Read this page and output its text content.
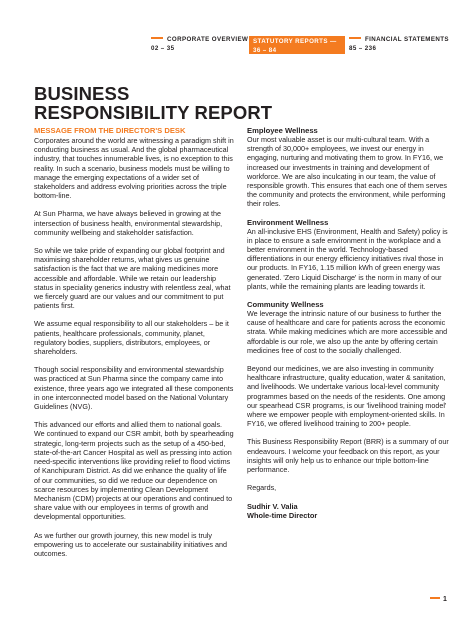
CORPORATE OVERVIEW
02 – 35
STATUTORY REPORTS —
36 – 84
FINANCIAL STATEMENTS
85 – 236
BUSINESS
RESPONSIBILITY REPORT

MESSAGE FROM THE DIRECTOR'S DESK

Corporates around the world are witnessing a paradigm shift in conducting business as usual. And the global pharmaceutical industry, that touches innumerable lives, is no exception to this reality. In such a scenario, business models must be willing to manage the emerging expectations of a wider set of stakeholders and address evolving priorities across the triple bottom-line.

At Sun Pharma, we have always believed in growing at the intersection of business health, environmental stewardship, community wellbeing and stakeholder satisfaction.

So while we take pride of expanding our global footprint and maximising shareholder returns, what gives us genuine satisfaction is the fact that we are making medicines more accessible and affordable. While we retain our leadership status in speciality generics industry with relentless zeal, what we fiercely guard are our values and our commitment to put patients first.

We assume equal responsibility to all our stakeholders – be it patients, healthcare professionals, community, planet, regulatory bodies, suppliers, distributors, employees, or shareholders.

Though social responsibility and environmental stewardship was practiced at Sun Pharma since the company came into existence, three years ago we integrated all these components in one interconnected model based on the National Voluntary Guidelines (NVG).

This advanced our efforts and allied them to national goals. We continued to expand our CSR ambit, both by spearheading strategic, long-term projects such as the setup of a 450-bed, state-of-the-art Cancer Hospital as well as pressing into action need-specific interventions like providing relief to flood victims of Kanchipuram District. As did we enhance the quality of life of our communities, so did we reduce our dependence on scarce resources by implementing Clean Development Mechanism (CDM) projects at our operations and continued to share value with our employees in terms of growth and developmental opportunities.

As we further our growth journey, this new model is truly empowering us to accelerate our sustainability initiatives and outcomes.

Employee Wellness

Our most valuable asset is our multi-cultural team. With a strength of 30,000+ employees, we invest our energy in engaging, nurturing and motivating them to grow. In FY16, we increased our investments in training and development of workforce. We are also inculcating in our team, the value of responsible growth. This ensures that each one of them serves the community and protects the environment, while performing their roles.

Environment Wellness

An all-inclusive EHS (Environment, Health and Safety) policy is in place to ensure a safe environment in the workplace and a better environment in the world. Technology-based differentiations in our energy efficiency initiatives rival those in our products. In FY16, 1.15 million kWh of green energy was generated. 'Zero Liquid Discharge' is the norm in many of our plants, while the remaining plants are leading towards it.

Community Wellness

We leverage the intrinsic nature of our business to further the cause of healthcare and care for patients across the economic strata. While making medicines which are more accessible and affordable is our role, we also up the ante by offering certain medicines free of cost to the socially challenged.

Beyond our medicines, we are also investing in community healthcare infrastructure, quality education, water & sanitation, and livelihoods. We undertake various local-level community programmes based on the needs of the residents. One among our spearhead CSR programs, is our 'livelihood training model' where we empower people with employment-oriented skills. In FY16, we offered livelihood training to 200+ people.

This Business Responsibility Report (BRR) is a summary of our endeavours. I welcome your feedback on this report, as your insights will only help us to enhance our triple bottom-line performance.

Regards,

Sudhir V. Valia

Whole-time Director

1
